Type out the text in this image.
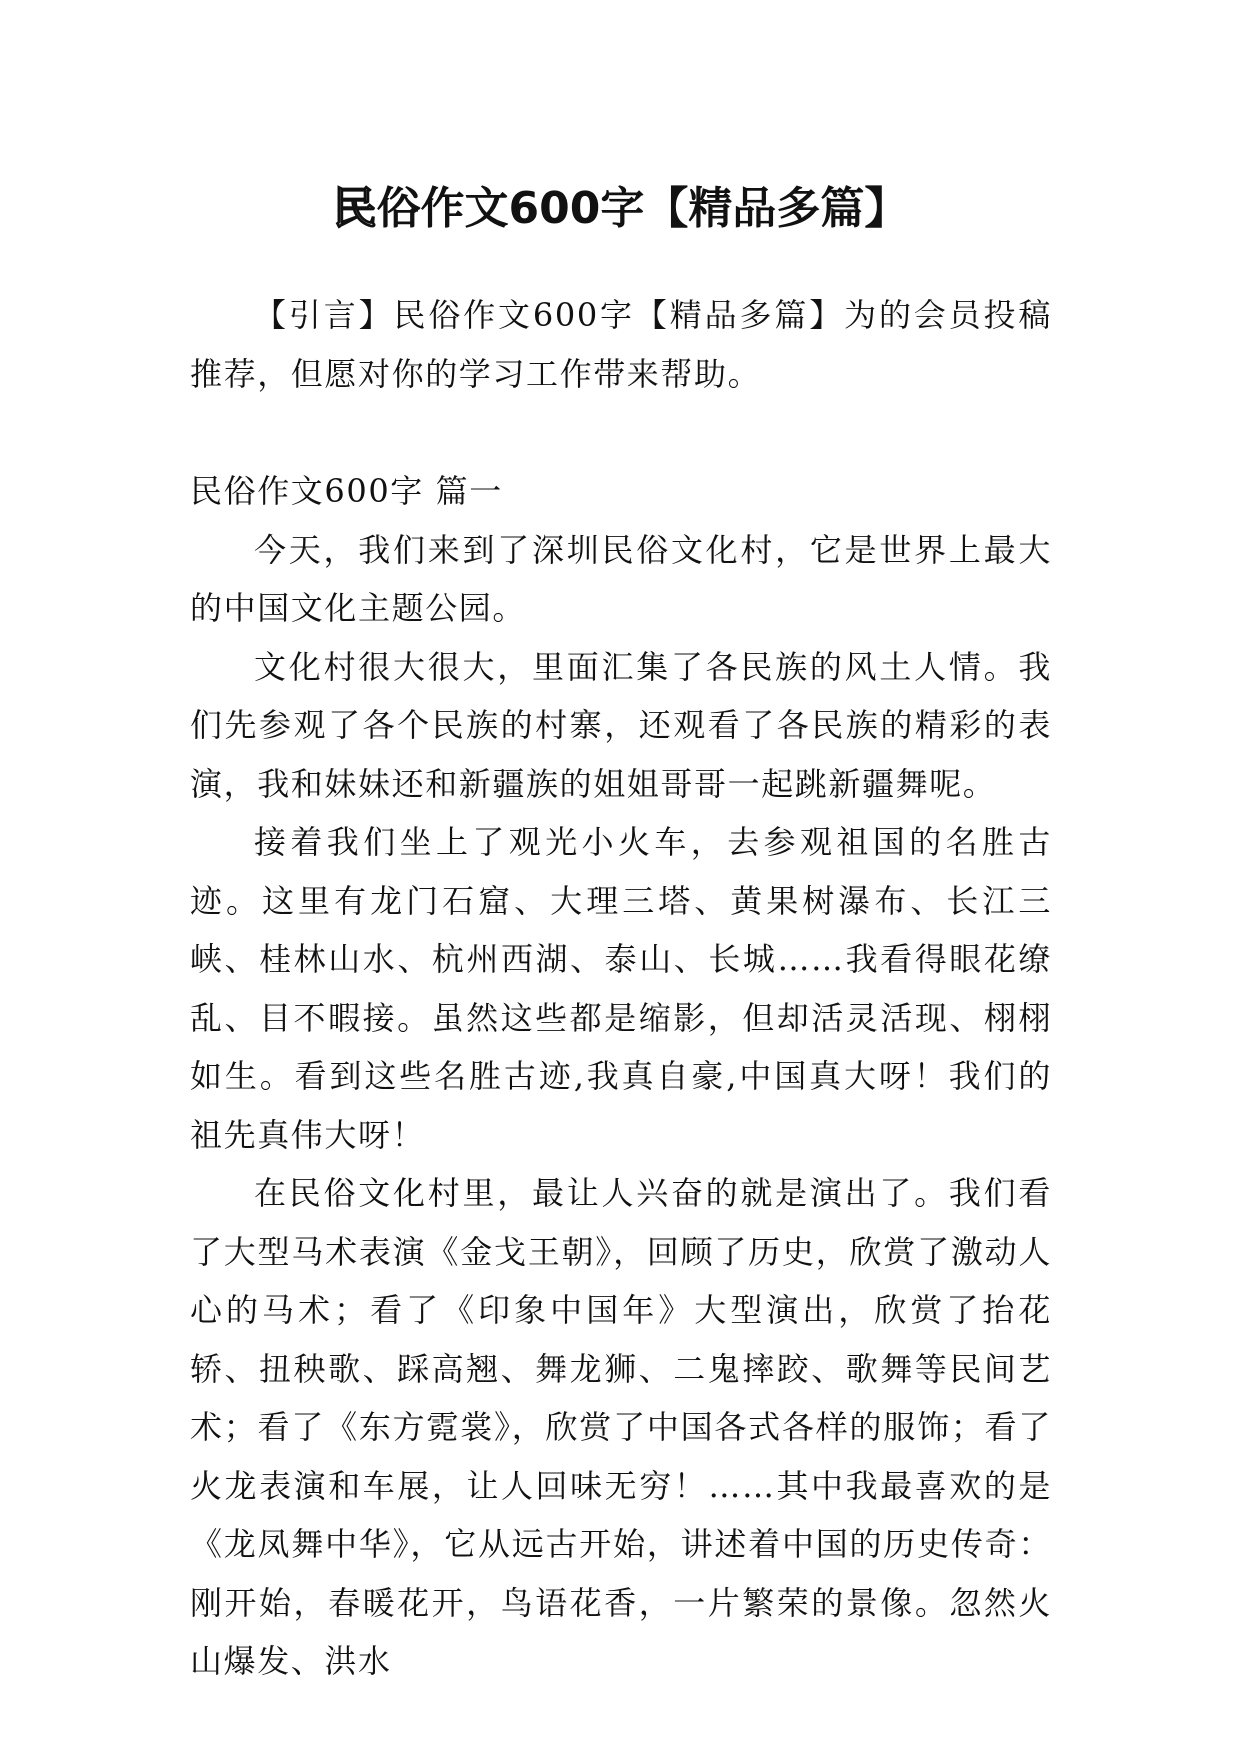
民俗作文600字【精品多篇】

【引言】民俗作文600字【精品多篇】为的会员投稿推荐，但愿对你的学习工作带来帮助。

民俗作文600字 篇一

今天，我们来到了深圳民俗文化村，它是世界上最大的中国文化主题公园。

文化村很大很大，里面汇集了各民族的风土人情。我们先参观了各个民族的村寨，还观看了各民族的精彩的表演，我和妹妹还和新疆族的姐姐哥哥一起跳新疆舞呢。

接着我们坐上了观光小火车，去参观祖国的名胜古迹。这里有龙门石窟、大理三塔、黄果树瀑布、长江三峡、桂林山水、杭州西湖、泰山、长城……我看得眼花缭乱、目不暇接。虽然这些都是缩影，但却活灵活现、栩栩如生。看到这些名胜古迹,我真自豪,中国真大呀！我们的祖先真伟大呀！

在民俗文化村里，最让人兴奋的就是演出了。我们看了大型马术表演《金戈王朝》，回顾了历史，欣赏了激动人心的马术；看了《印象中国年》大型演出，欣赏了抬花轿、扭秧歌、踩高翘、舞龙狮、二鬼摔跤、歌舞等民间艺术；看了《东方霓裳》，欣赏了中国各式各样的服饰；看了火龙表演和车展，让人回味无穷！……其中我最喜欢的是《龙凤舞中华》，它从远古开始，讲述着中国的历史传奇：刚开始，春暖花开，鸟语花香，一片繁荣的景像。忽然火山爆发、洪水
